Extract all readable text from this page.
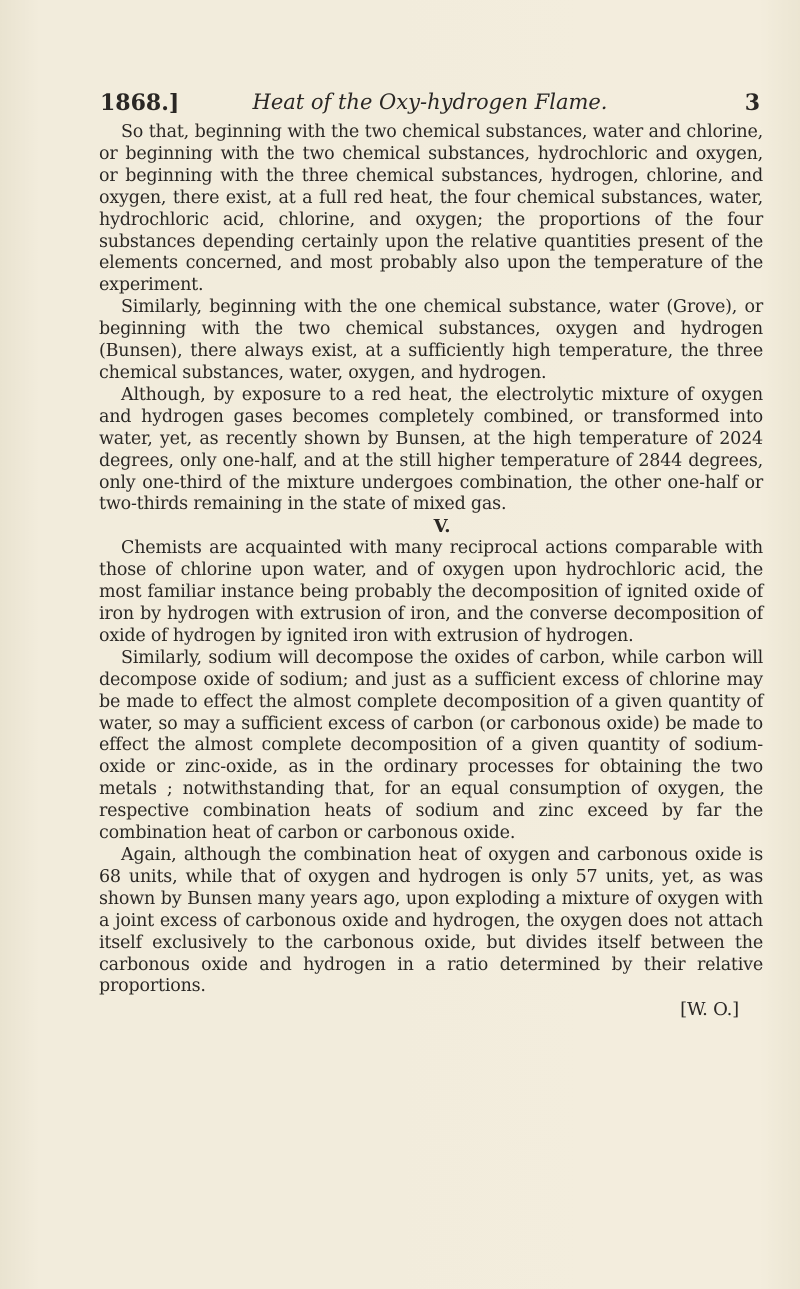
1868.]	Heat of the Oxy-hydrogen Flame.	3

So that, beginning with the two chemical substances, water and chlorine, or beginning with the two chemical substances, hydrochloric and oxygen, or beginning with the three chemical substances, hydrogen, chlorine, and oxygen, there exist, at a full red heat, the four chemical substances, water, hydrochloric acid, chlorine, and oxygen; the proportions of the four substances depending certainly upon the relative quantities present of the elements concerned, and most probably also upon the temperature of the experiment.

Similarly, beginning with the one chemical substance, water (Grove), or beginning with the two chemical substances, oxygen and hydrogen (Bunsen), there always exist, at a sufficiently high temperature, the three chemical substances, water, oxygen, and hydrogen.

Although, by exposure to a red heat, the electrolytic mixture of oxygen and hydrogen gases becomes completely combined, or transformed into water, yet, as recently shown by Bunsen, at the high temperature of 2024 degrees, only one-half, and at the still higher temperature of 2844 degrees, only one-third of the mixture undergoes combination, the other one-half or two-thirds remaining in the state of mixed gas.

V.

Chemists are acquainted with many reciprocal actions comparable with those of chlorine upon water, and of oxygen upon hydrochloric acid, the most familiar instance being probably the decomposition of ignited oxide of iron by hydrogen with extrusion of iron, and the converse decomposition of oxide of hydrogen by ignited iron with extrusion of hydrogen.

Similarly, sodium will decompose the oxides of carbon, while carbon will decompose oxide of sodium; and just as a sufficient excess of chlorine may be made to effect the almost complete decomposition of a given quantity of water, so may a sufficient excess of carbon (or carbonous oxide) be made to effect the almost complete decomposition of a given quantity of sodium-oxide or zinc-oxide, as in the ordinary processes for obtaining the two metals ; notwithstanding that, for an equal consumption of oxygen, the respective combination heats of sodium and zinc exceed by far the combination heat of carbon or carbonous oxide.

Again, although the combination heat of oxygen and carbonous oxide is 68 units, while that of oxygen and hydrogen is only 57 units, yet, as was shown by Bunsen many years ago, upon exploding a mixture of oxygen with a joint excess of carbonous oxide and hydrogen, the oxygen does not attach itself exclusively to the carbonous oxide, but divides itself between the carbonous oxide and hydrogen in a ratio determined by their relative proportions.

[W. O.]
